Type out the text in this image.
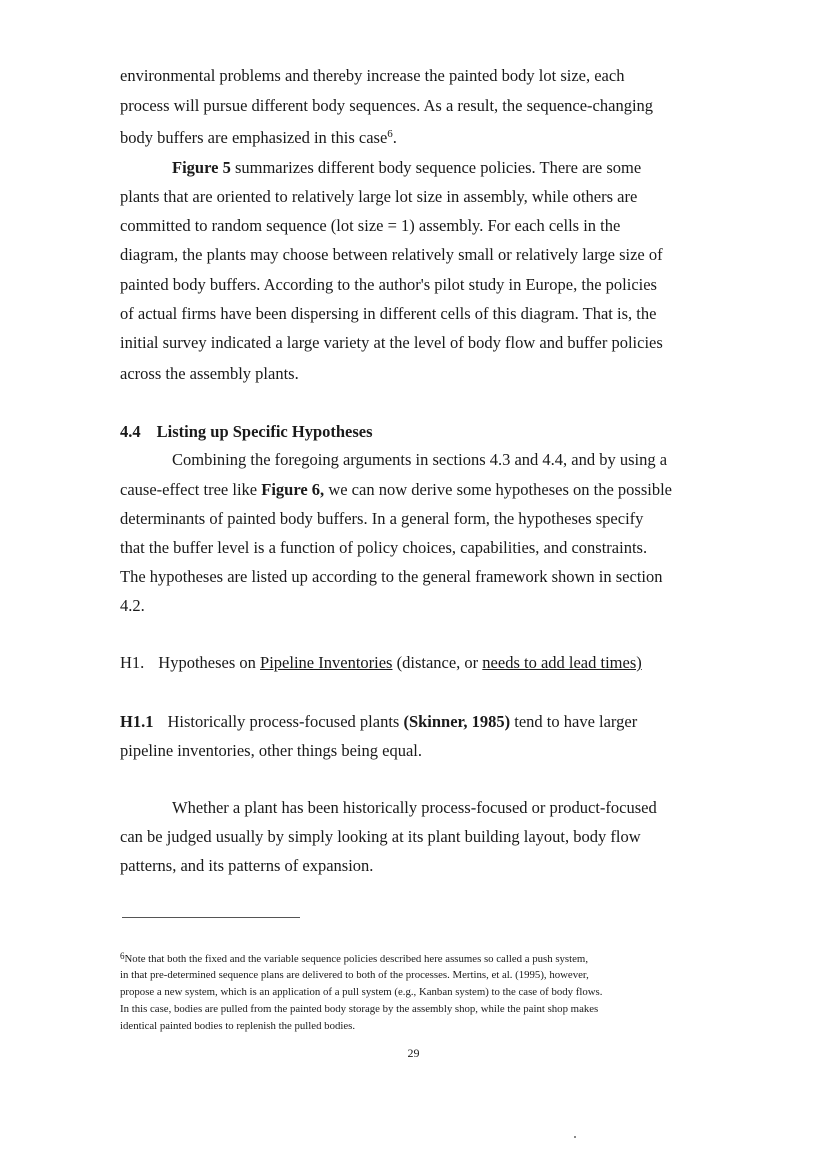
environmental problems and thereby increase the painted body lot size, each
process will pursue different body sequences. As a result, the sequence-changing
body buffers are emphasized in this case$^6$.
Figure 5 summarizes different body sequence policies. There are some
plants that are oriented to relatively large lot size in assembly, while others are
committed to random sequence (lot size = 1) assembly. For each cells in the
diagram, the plants may choose between relatively small or relatively large size of
painted body buffers. According to the author's pilot study in Europe, the policies
of actual firms have been dispersing in different cells of this diagram. That is, the
initial survey indicated a large variety at the level of body flow and buffer policies
across the assembly plants.
4.4 Listing up Specific Hypotheses
Combining the foregoing arguments in sections 4.3 and 4.4, and by using a
cause-effect tree like Figure 6, we can now derive some hypotheses on the possible
determinants of painted body buffers. In a general form, the hypotheses specify
that the buffer level is a function of policy choices, capabilities, and constraints.
The hypotheses are listed up according to the general framework shown in section
4.2.
H1. Hypotheses on Pipeline Inventories (distance, or needs to add lead times)
H1.1 Historically process-focused plants (Skinner, 1985) tend to have larger
pipeline inventories, other things being equal.
Whether a plant has been historically process-focused or product-focused
can be judged usually by simply looking at its plant building layout, body flow
patterns, and its patterns of expansion.
$^6$Note that both the fixed and the variable sequence policies described here assumes so called a push system,
in that pre-determined sequence plans are delivered to both of the processes. Mertins, et al. (1995), however,
propose a new system, which is an application of a pull system (e.g., Kanban system) to the case of body flows.
In this case, bodies are pulled from the painted body storage by the assembly shop, while the paint shop makes
identical painted bodies to replenish the pulled bodies.
29
